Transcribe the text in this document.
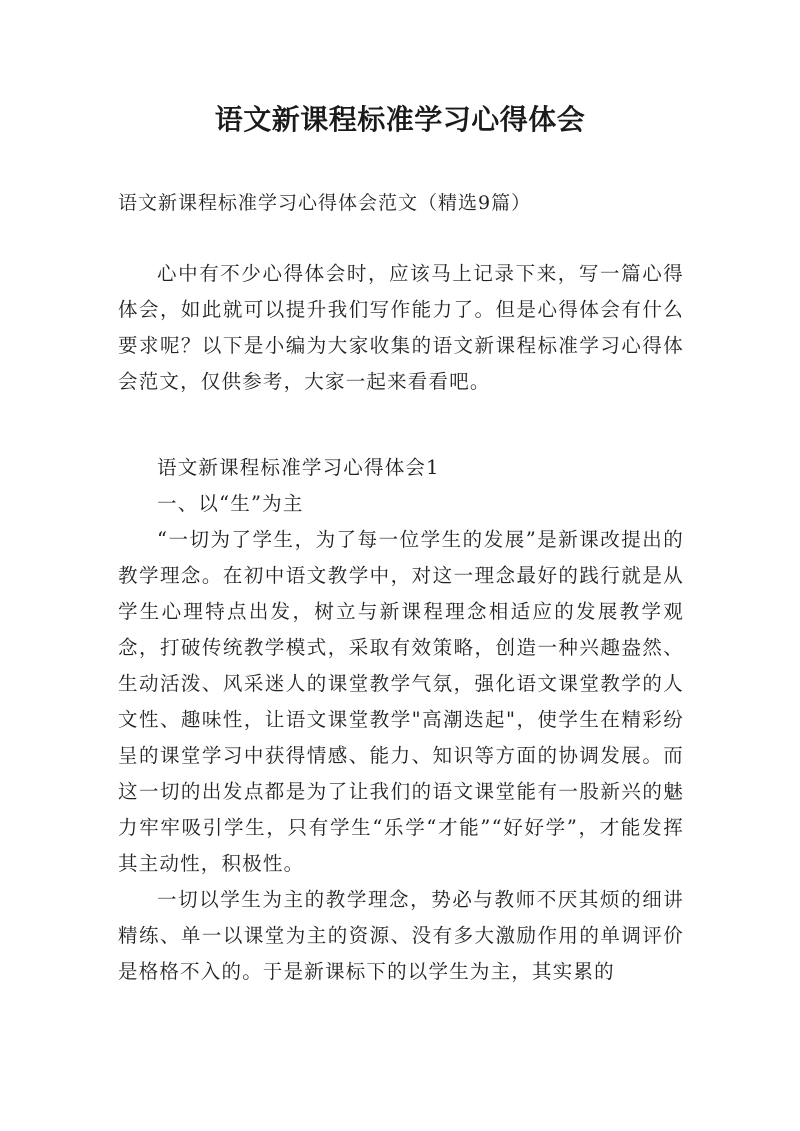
语文新课程标准学习心得体会
语文新课程标准学习心得体会范文（精选9篇）

心中有不少心得体会时，应该马上记录下来，写一篇心得体会，如此就可以提升我们写作能力了。但是心得体会有什么要求呢？以下是小编为大家收集的语文新课程标准学习心得体会范文，仅供参考，大家一起来看看吧。

语文新课程标准学习心得体会1

一、以“生”为主

“一切为了学生，为了每一位学生的发展”是新课改提出的教学理念。在初中语文教学中，对这一理念最好的践行就是从学生心理特点出发，树立与新课程理念相适应的发展教学观念，打破传统教学模式，采取有效策略，创造一种兴趣盎然、生动活泼、风采迷人的课堂教学气氛，强化语文课堂教学的人文性、趣味性，让语文课堂教学"高潮迭起"，使学生在精彩纷呈的课堂学习中获得情感、能力、知识等方面的协调发展。而这一切的出发点都是为了让我们的语文课堂能有一股新兴的魅力牢牢吸引学生，只有学生“乐学“才能”“好好学”，才能发挥其主动性，积极性。

一切以学生为主的教学理念，势必与教师不厌其烦的细讲精练、单一以课堂为主的资源、没有多大激励作用的单调评价是格格不入的。于是新课标下的以学生为主，其实累的
